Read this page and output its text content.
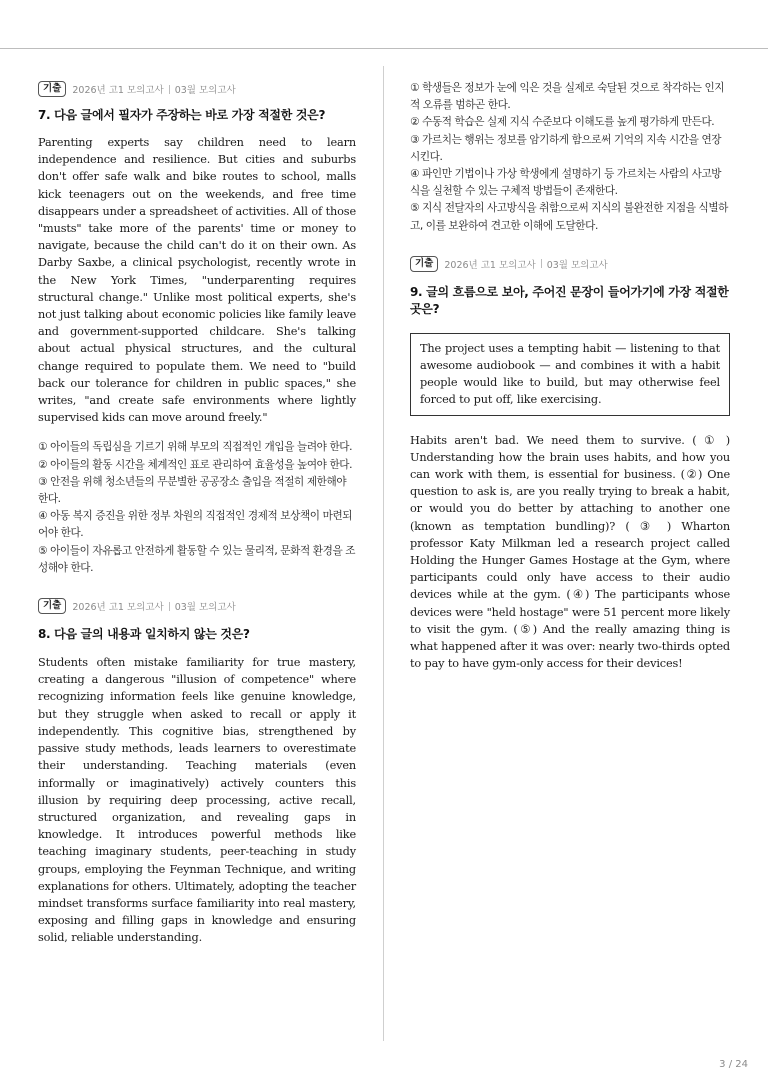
기출	2026년 고1 모의고사 03월 모의고사

7. 다음 글에서 필자가 주장하는 바로 가장 적절한 것은?

Parenting experts say children need to learn independence and resilience. But cities and suburbs don't offer safe walk and bike routes to school, malls kick teenagers out on the weekends, and free time disappears under a spreadsheet of activities. All of those "musts" take more of the parents' time or money to navigate, because the child can't do it on their own. As Darby Saxbe, a clinical psychologist, recently wrote in the New York Times, "underparenting requires structural change." Unlike most political experts, she's not just talking about economic policies like family leave and government-supported childcare. She's talking about actual physical structures, and the cultural change required to populate them. We need to "build back our tolerance for children in public spaces," she writes, "and create safe environments where lightly supervised kids can move around freely."

① 아이들의 독립심을 기르기 위해 부모의 직접적인 개입을 늘려야 한다.
② 아이들의 활동 시간을 체계적인 표로 관리하여 효율성을 높여야 한다.
③ 안전을 위해 청소년들의 무분별한 공공장소 출입을 적절히 제한해야 한다.
④ 아동 복지 증진을 위한 정부 차원의 직접적인 경제적 보상책이 마련되어야 한다.
⑤ 아이들이 자유롭고 안전하게 활동할 수 있는 물리적, 문화적 환경을 조성해야 한다.
기출	2026년 고1 모의고사 03월 모의고사

8. 다음 글의 내용과 일치하지 않는 것은?

Students often mistake familiarity for true mastery, creating a dangerous "illusion of competence" where recognizing information feels like genuine knowledge, but they struggle when asked to recall or apply it independently. This cognitive bias, strengthened by passive study methods, leads learners to overestimate their understanding. Teaching materials (even informally or imaginatively) actively counters this illusion by requiring deep processing, active recall, structured organization, and revealing gaps in knowledge. It introduces powerful methods like teaching imaginary students, peer-teaching in study groups, employing the Feynman Technique, and writing explanations for others. Ultimately, adopting the teacher mindset transforms surface familiarity into real mastery, exposing and filling gaps in knowledge and ensuring solid, reliable understanding.

① 학생들은 정보가 눈에 익은 것을 실제로 숙달된 것으로 착각하는 인지적 오류를 범하곤 한다.
② 수동적 학습은 실제 지식 수준보다 이해도를 높게 평가하게 만든다.
③ 가르치는 행위는 정보를 암기하게 함으로써 기억의 지속 시간을 연장시킨다.
④ 파인만 기법이나 가상 학생에게 설명하기 등 가르치는 사람의 사고방식을 실천할 수 있는 구체적 방법들이 존재한다.
⑤ 지식 전달자의 사고방식을 취함으로써 지식의 불완전한 지점을 식별하고, 이를 보완하여 견고한 이해에 도달한다.
기출	2026년 고1 모의고사 03월 모의고사

9. 글의 흐름으로 보아, 주어진 문장이 들어가기에 가장 적절한 곳은?

The project uses a tempting habit — listening to that awesome audiobook — and combines it with a habit people would like to build, but may otherwise feel forced to put off, like exercising.

Habits aren't bad. We need them to survive. ( ① ) Understanding how the brain uses habits, and how you can work with them, is essential for business. (②) One question to ask is, are you really trying to break a habit, or would you do better by attaching to another one (known as temptation bundling)? ( ③ ) Wharton professor Katy Milkman led a research project called Holding the Hunger Games Hostage at the Gym, where participants could only have access to their audio devices while at the gym. (④) The participants whose devices were "held hostage" were 51 percent more likely to visit the gym. (⑤) And the really amazing thing is what happened after it was over: nearly two-thirds opted to pay to have gym-only access for their devices!

3 / 24
